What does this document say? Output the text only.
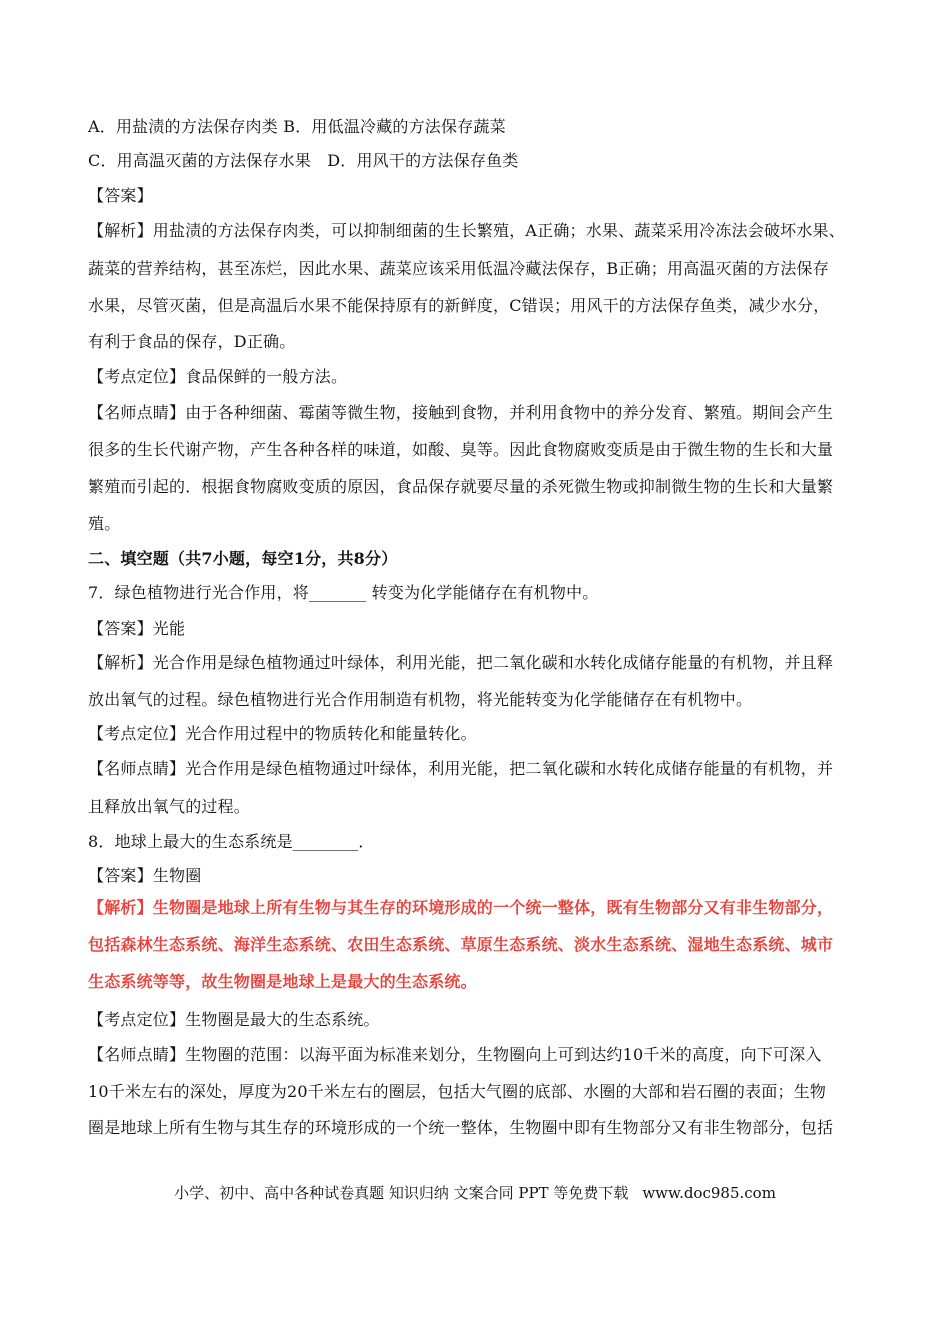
A．用盐渍的方法保存肉类 B．用低温冷藏的方法保存蔬菜
C．用高温灭菌的方法保存水果　D．用风干的方法保存鱼类
【答案】
【解析】用盐渍的方法保存肉类，可以抑制细菌的生长繁殖，A正确；水果、蔬菜采用冷冻法会破坏水果、
蔬菜的营养结构，甚至冻烂，因此水果、蔬菜应该采用低温冷藏法保存，B正确；用高温灭菌的方法保存
水果，尽管灭菌，但是高温后水果不能保持原有的新鲜度，C错误；用风干的方法保存鱼类，减少水分，
有利于食品的保存，D正确。
【考点定位】食品保鲜的一般方法。
【名师点睛】由于各种细菌、霉菌等微生物，接触到食物，并利用食物中的养分发育、繁殖。期间会产生
很多的生长代谢产物，产生各种各样的味道，如酸、臭等。因此食物腐败变质是由于微生物的生长和大量
繁殖而引起的．根据食物腐败变质的原因，食品保存就要尽量的杀死微生物或抑制微生物的生长和大量繁
殖。
二、填空题（共7小题，每空1分，共8分）
7．绿色植物进行光合作用，将_______ 转变为化学能储存在有机物中。
【答案】光能
【解析】光合作用是绿色植物通过叶绿体，利用光能，把二氧化碳和水转化成储存能量的有机物，并且释
放出氧气的过程。绿色植物进行光合作用制造有机物，将光能转变为化学能储存在有机物中。
【考点定位】光合作用过程中的物质转化和能量转化。
【名师点睛】光合作用是绿色植物通过叶绿体，利用光能，把二氧化碳和水转化成储存能量的有机物，并
且释放出氧气的过程。
8．地球上最大的生态系统是________．
【答案】生物圈
【解析】生物圈是地球上所有生物与其生存的环境形成的一个统一整体，既有生物部分又有非生物部分，
包括森林生态系统、海洋生态系统、农田生态系统、草原生态系统、淡水生态系统、湿地生态系统、城市
生态系统等等，故生物圈是地球上是最大的生态系统。
【考点定位】生物圈是最大的生态系统。
【名师点睛】生物圈的范围：以海平面为标准来划分，生物圈向上可到达约10千米的高度，向下可深入
10千米左右的深处，厚度为20千米左右的圈层，包括大气圈的底部、水圈的大部和岩石圈的表面；生物
圈是地球上所有生物与其生存的环境形成的一个统一整体，生物圈中即有生物部分又有非生物部分，包括
小学、初中、高中各种试卷真题 知识归纳 文案合同 PPT 等免费下载 www.doc985.com
